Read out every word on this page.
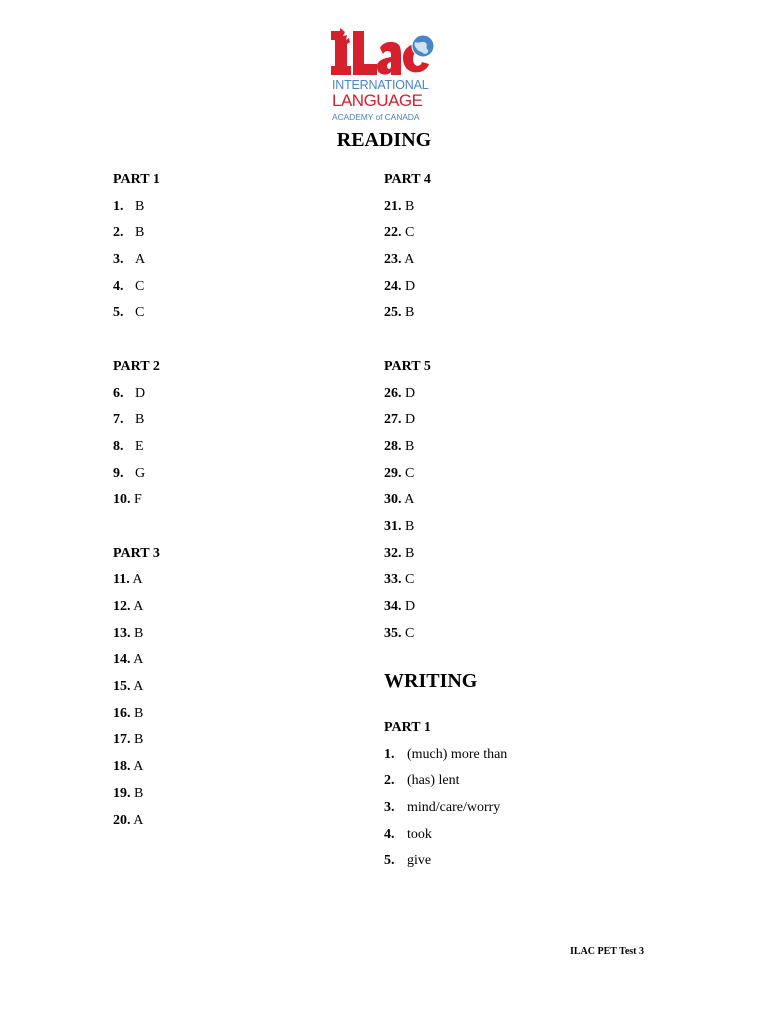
INTERNATIONAL
LANGUAGE
ACADEMY of CANADA
READING
PART 1
1. B
2. B
3. A
4. C
5. C
PART 2
6. D
7. B
8. E
9. G
10. F
PART 3
11. A
12. A
13. B
14. A
15. A
16. B
17. B
18. A
19. B
20. A
PART 4
21. B
22. C
23. A
24. D
25. B
PART 5
26. D
27. D
28. B
29. C
30. A
31. B
32. B
33. C
34. D
35. C
WRITING
PART 1
1. (much) more than
2. (has) lent
3. mind/care/worry
4. took
5. give
ILAC PET Test 3
